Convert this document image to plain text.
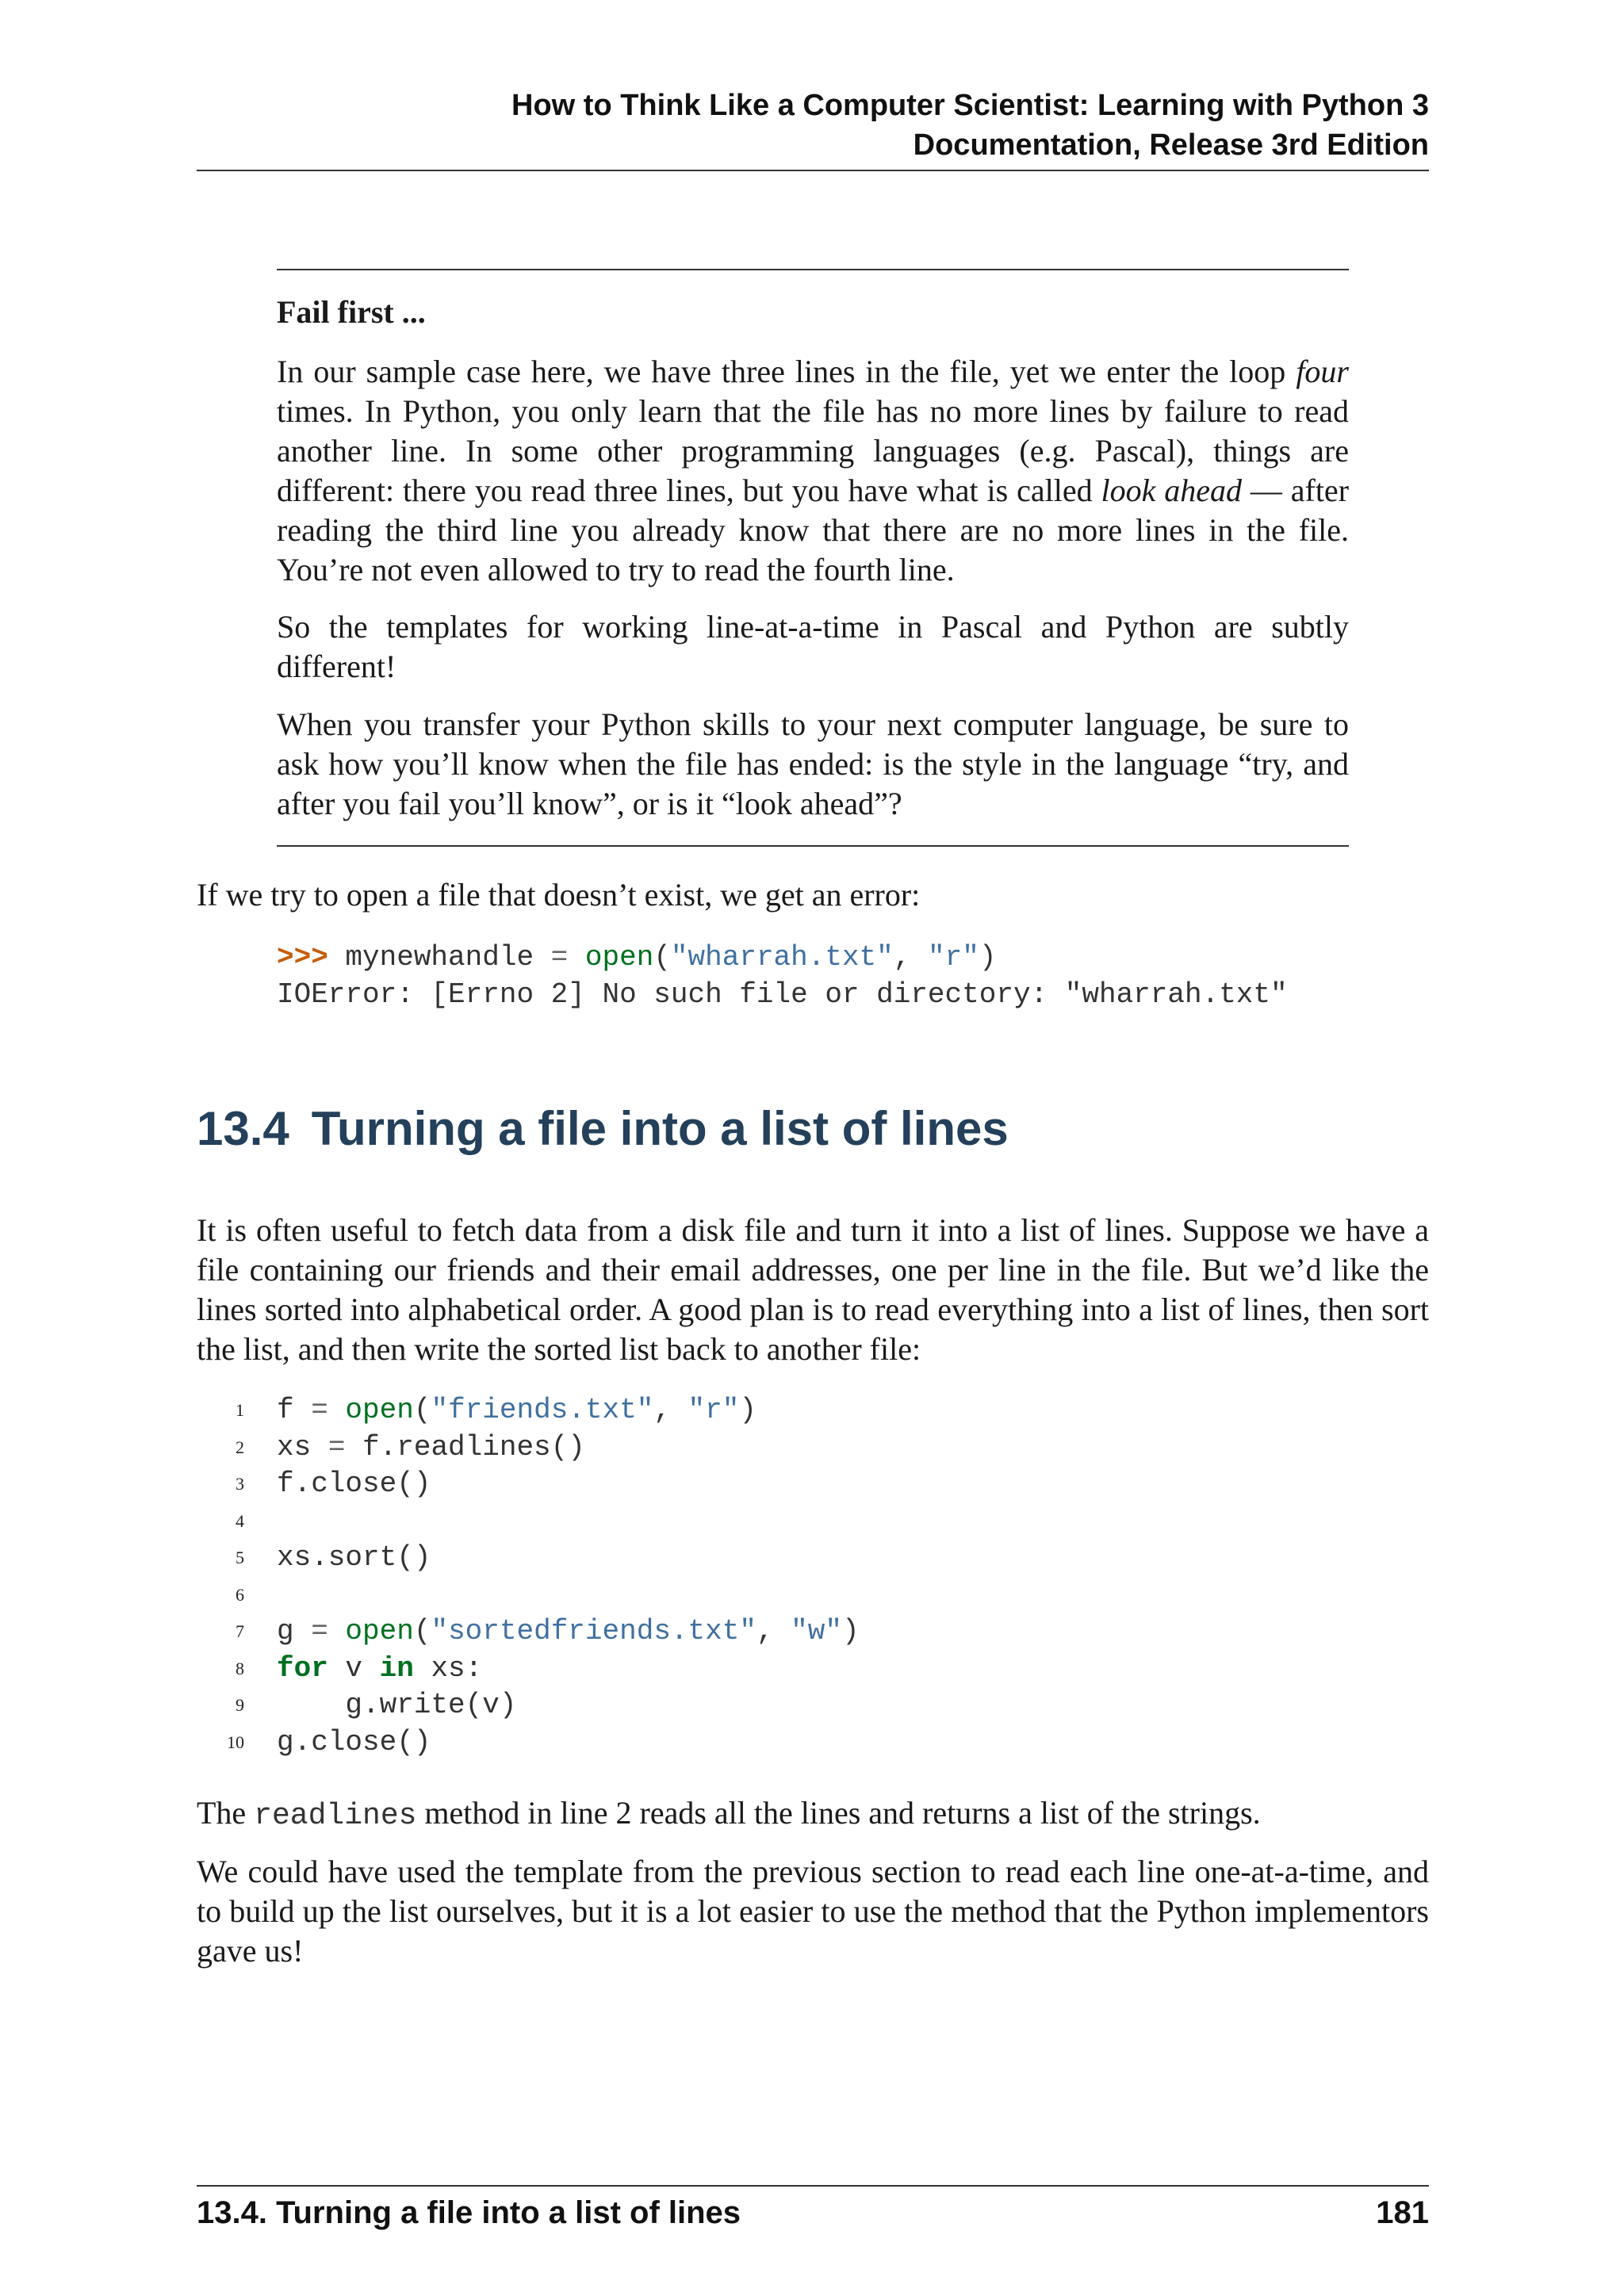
How to Think Like a Computer Scientist: Learning with Python 3
Documentation, Release 3rd Edition
Fail first ...

In our sample case here, we have three lines in the file, yet we enter the loop four times. In Python, you only learn that the file has no more lines by failure to read another line. In some other programming languages (e.g. Pascal), things are different: there you read three lines, but you have what is called look ahead — after reading the third line you already know that there are no more lines in the file. You’re not even allowed to try to read the fourth line.

So the templates for working line-at-a-time in Pascal and Python are subtly different!

When you transfer your Python skills to your next computer language, be sure to ask how you’ll know when the file has ended: is the style in the language “try, and after you fail you’ll know”, or is it “look ahead”?

If we try to open a file that doesn’t exist, we get an error:

>>> mynewhandle = open("wharrah.txt", "r")
IOError: [Errno 2] No such file or directory: "wharrah.txt"
13.4 Turning a file into a list of lines

It is often useful to fetch data from a disk file and turn it into a list of lines. Suppose we have a file containing our friends and their email addresses, one per line in the file. But we’d like the lines sorted into alphabetical order. A good plan is to read everything into a list of lines, then sort the list, and then write the sorted list back to another file:

1
2
3
4
5
6
7
8
9
10
f = open("friends.txt", "r")
xs = f.readlines()
f.close()

xs.sort()

g = open("sortedfriends.txt", "w")
for v in xs:
g.write(v)
g.close()

The readlines method in line 2 reads all the lines and returns a list of the strings.

We could have used the template from the previous section to read each line one-at-a-time, and to build up the list ourselves, but it is a lot easier to use the method that the Python implementors gave us!

13.4. Turning a file into a list of lines	181
